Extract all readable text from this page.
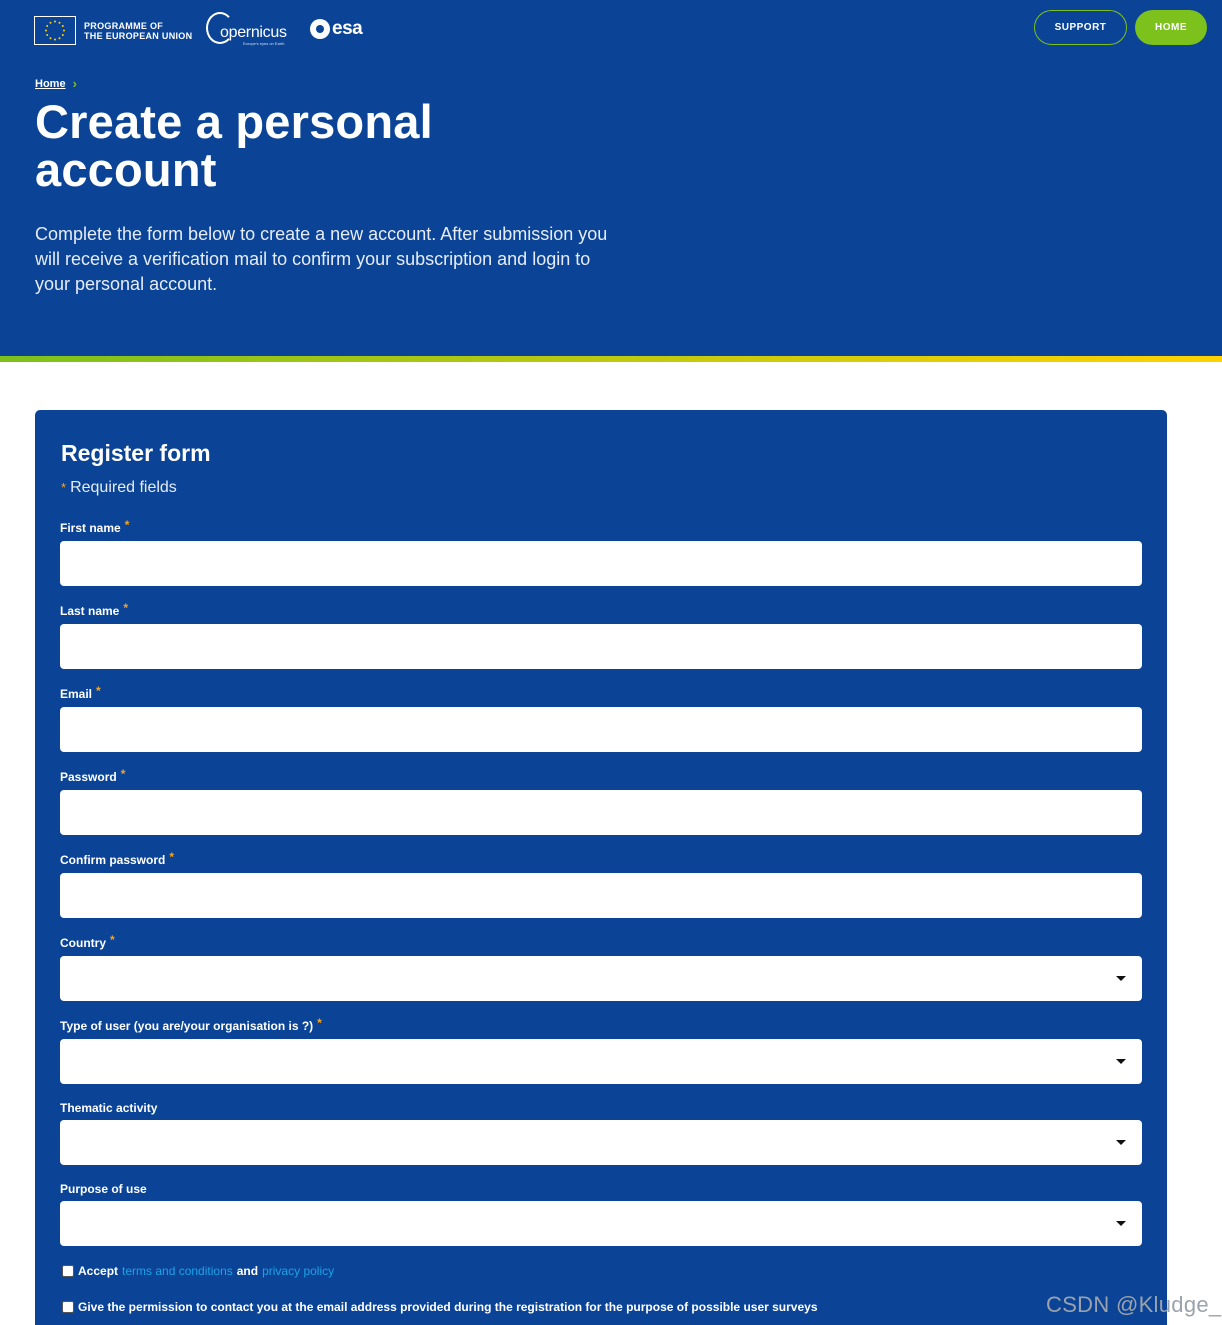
PROGRAMME OF
THE EUROPEAN UNION opernicus
Europe's eyes on Earth
esa	SUPPORT	HOME
Home ›
Create a personal account

Complete the form below to create a new account. After submission you will receive a verification mail to confirm your subscription and login to your personal account.

Register form
* Required fields
First name *
Last name *
Email *
Password *
Confirm password *
Country *
Type of user (you are/your organisation is ?) *
Thematic activity
Purpose of use
Accept terms and conditions and privacy policy
Give the permission to contact you at the email address provided during the registration for the purpose of possible user surveys	CSDN @Kludge_
